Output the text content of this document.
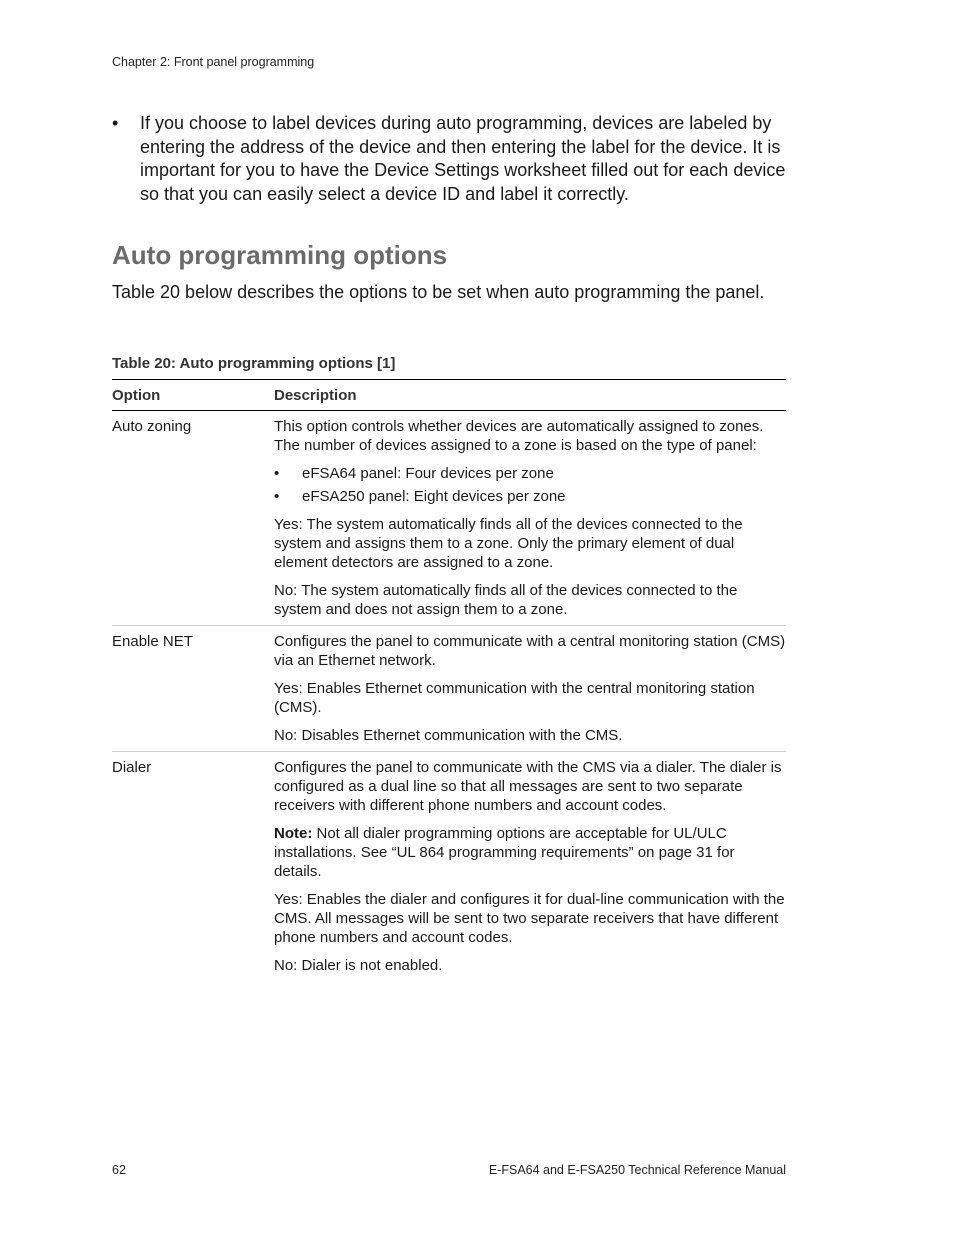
Chapter 2: Front panel programming
• If you choose to label devices during auto programming, devices are labeled by entering the address of the device and then entering the label for the device. It is important for you to have the Device Settings worksheet filled out for each device so that you can easily select a device ID and label it correctly.
Auto programming options

Table 20 below describes the options to be set when auto programming the panel.

Table 20: Auto programming options [1]
Option	Description
Auto zoning	This option controls whether devices are automatically assigned to zones. The number of devices assigned to a zone is based on the type of panel:

• eFSA64 panel: Four devices per zone
• eFSA250 panel: Eight devices per zone

Yes: The system automatically finds all of the devices connected to the system and assigns them to a zone. Only the primary element of dual element detectors are assigned to a zone.

No: The system automatically finds all of the devices connected to the system and does not assign them to a zone.

Enable NET	Configures the panel to communicate with a central monitoring station (CMS) via an Ethernet network.

Yes: Enables Ethernet communication with the central monitoring station (CMS).

No: Disables Ethernet communication with the CMS.

Dialer	Configures the panel to communicate with the CMS via a dialer. The dialer is configured as a dual line so that all messages are sent to two separate receivers with different phone numbers and account codes.

Note: Not all dialer programming options are acceptable for UL/ULC installations. See “UL 864 programming requirements” on page 31 for details.

Yes: Enables the dialer and configures it for dual-line communication with the CMS. All messages will be sent to two separate receivers that have different phone numbers and account codes.

No: Dialer is not enabled.

62	E-FSA64 and E-FSA250 Technical Reference Manual
